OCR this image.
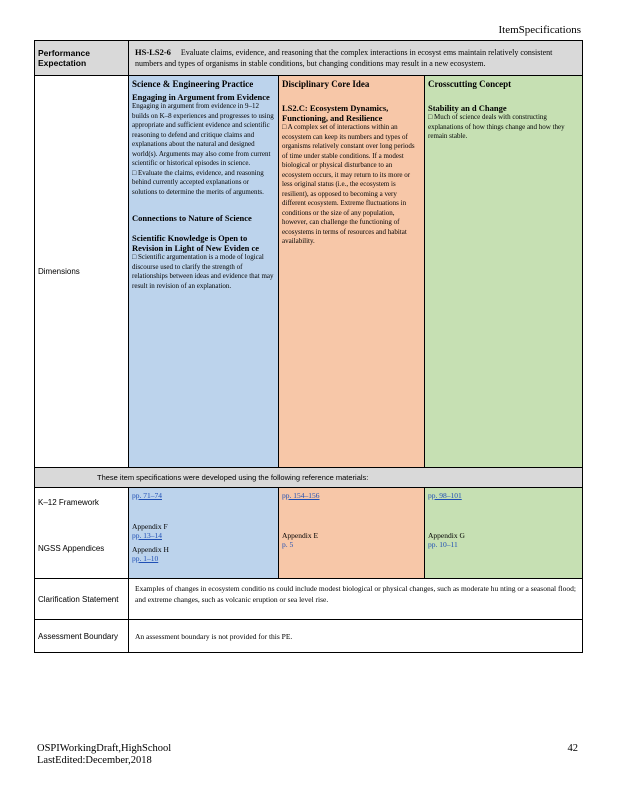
ItemSpecifications
Performance Expectation
HS-LS2-6 Evaluate claims, evidence, and reasoning that the complex interactions in ecosyst ems maintain relatively consistent numbers and types of organisms in stable conditions, but changing conditions may result in a new ecosystem.
Dimensions
Science & Engineering Practice
Engaging in Argument from Evidence
Engaging in argument from evidence in 9–12 builds on K–8 experiences and progresses to using appropriate and sufficient evidence and scientific reasoning to defend and critique claims and explanations about the natural and designed world(s). Arguments may also come from current scientific or historical episodes in science.
□ Evaluate the claims, evidence, and reasoning behind currently accepted explanations or solutions to determine the merits of arguments.
Connections to Nature of Science
Scientific Knowledge is Open to Revision in Light of New Eviden ce
□ Scientific argumentation is a mode of logical discourse used to clarify the strength of relationships between ideas and evidence that may result in revision of an explanation.
Disciplinary Core Idea
LS2.C: Ecosystem Dynamics, Functioning, and Resilience
□ A complex set of interactions within an ecosystem can keep its numbers and types of organisms relatively constant over long periods of time under stable conditions. If a modest biological or physical disturbance to an ecosystem occurs, it may return to its more or less original status (i.e., the ecosystem is resilient), as opposed to becoming a very different ecosystem. Extreme fluctuations in conditions or the size of any population, however, can challenge the functioning of ecosystems in terms of resources and habitat availability.
Crosscutting Concept
Stability an d Change
□ Much of science deals with constructing explanations of how things change and how they remain stable.
These item specifications were developed using the following reference materials:
K–12 Framework
NGSS Appendices
pp. 71–74
Appendix F
pp. 13–14
Appendix H
pp. 1–10
pp. 154–156
Appendix E
p. 5
pp. 98–101
Appendix G
pp. 10–11
Clarification Statement
Examples of changes in ecosystem conditio ns could include modest biological or physical changes, such as moderate hu nting or a seasonal flood; and extreme changes, such as volcanic eruption or sea level rise.
Assessment Boundary	An assessment boundary is not provided for this PE.
OSPIWorkingDraft,HighSchool
LastEdited:December,2018
42
